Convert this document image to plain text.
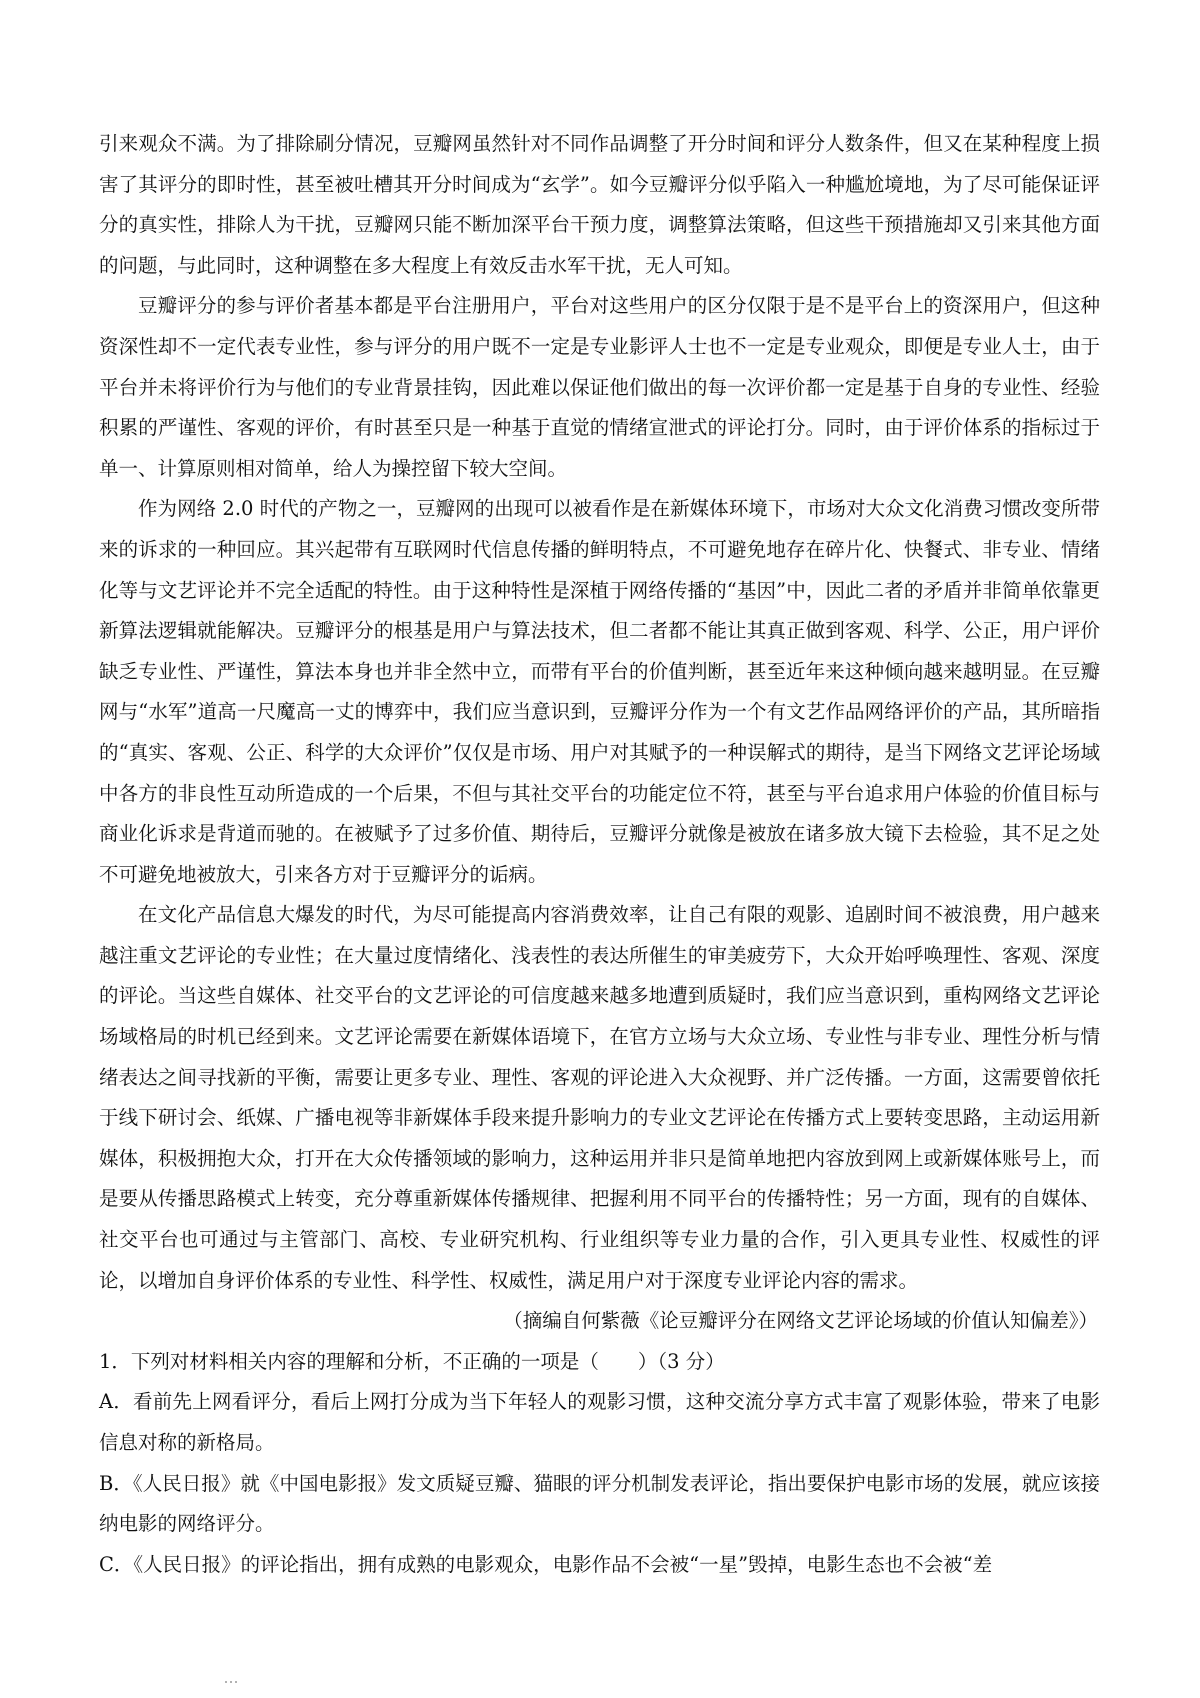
引来观众不满。为了排除刷分情况，豆瓣网虽然针对不同作品调整了开分时间和评分人数条件，但又在某种程度上损害了其评分的即时性，甚至被吐槽其开分时间成为“玄学”。如今豆瓣评分似乎陷入一种尴尬境地，为了尽可能保证评分的真实性，排除人为干扰，豆瓣网只能不断加深平台干预力度，调整算法策略，但这些干预措施却又引来其他方面的问题，与此同时，这种调整在多大程度上有效反击水军干扰，无人可知。

豆瓣评分的参与评价者基本都是平台注册用户，平台对这些用户的区分仅限于是不是平台上的资深用户，但这种资深性却不一定代表专业性，参与评分的用户既不一定是专业影评人士也不一定是专业观众，即便是专业人士，由于平台并未将评价行为与他们的专业背景挂钩，因此难以保证他们做出的每一次评价都一定是基于自身的专业性、经验积累的严谨性、客观的评价，有时甚至只是一种基于直觉的情绪宣泄式的评论打分。同时，由于评价体系的指标过于单一、计算原则相对简单，给人为操控留下较大空间。

作为网络 2.0 时代的产物之一，豆瓣网的出现可以被看作是在新媒体环境下，市场对大众文化消费习惯改变所带来的诉求的一种回应。其兴起带有互联网时代信息传播的鲜明特点，不可避免地存在碎片化、快餐式、非专业、情绪化等与文艺评论并不完全适配的特性。由于这种特性是深植于网络传播的“基因”中，因此二者的矛盾并非简单依靠更新算法逻辑就能解决。豆瓣评分的根基是用户与算法技术，但二者都不能让其真正做到客观、科学、公正，用户评价缺乏专业性、严谨性，算法本身也并非全然中立，而带有平台的价值判断，甚至近年来这种倾向越来越明显。在豆瓣网与“水军”道高一尺魔高一丈的博弈中，我们应当意识到，豆瓣评分作为一个有文艺作品网络评价的产品，其所暗指的“真实、客观、公正、科学的大众评价”仅仅是市场、用户对其赋予的一种误解式的期待，是当下网络文艺评论场域中各方的非良性互动所造成的一个后果，不但与其社交平台的功能定位不符，甚至与平台追求用户体验的价值目标与商业化诉求是背道而驰的。在被赋予了过多价值、期待后，豆瓣评分就像是被放在诸多放大镜下去检验，其不足之处不可避免地被放大，引来各方对于豆瓣评分的诟病。

在文化产品信息大爆发的时代，为尽可能提高内容消费效率，让自己有限的观影、追剧时间不被浪费，用户越来越注重文艺评论的专业性；在大量过度情绪化、浅表性的表达所催生的审美疲劳下，大众开始呼唤理性、客观、深度的评论。当这些自媒体、社交平台的文艺评论的可信度越来越多地遭到质疑时，我们应当意识到，重构网络文艺评论场域格局的时机已经到来。文艺评论需要在新媒体语境下，在官方立场与大众立场、专业性与非专业、理性分析与情绪表达之间寻找新的平衡，需要让更多专业、理性、客观的评论进入大众视野、并广泛传播。一方面，这需要曾依托于线下研讨会、纸媒、广播电视等非新媒体手段来提升影响力的专业文艺评论在传播方式上要转变思路，主动运用新媒体，积极拥抱大众，打开在大众传播领域的影响力，这种运用并非只是简单地把内容放到网上或新媒体账号上，而是要从传播思路模式上转变，充分尊重新媒体传播规律、把握利用不同平台的传播特性；另一方面，现有的自媒体、社交平台也可通过与主管部门、高校、专业研究机构、行业组织等专业力量的合作，引入更具专业性、权威性的评论，以增加自身评价体系的专业性、科学性、权威性，满足用户对于深度专业评论内容的需求。

（摘编自何紫薇《论豆瓣评分在网络文艺评论场域的价值认知偏差》）

1．下列对材料相关内容的理解和分析，不正确的一项是（　　）（3 分）

A．看前先上网看评分，看后上网打分成为当下年轻人的观影习惯，这种交流分享方式丰富了观影体验，带来了电影信息对称的新格局。

B．《人民日报》就《中国电影报》发文质疑豆瓣、猫眼的评分机制发表评论，指出要保护电影市场的发展，就应该接纳电影的网络评分。

C．《人民日报》的评论指出，拥有成熟的电影观众，电影作品不会被“一星”毁掉，电影生态也不会被“差
